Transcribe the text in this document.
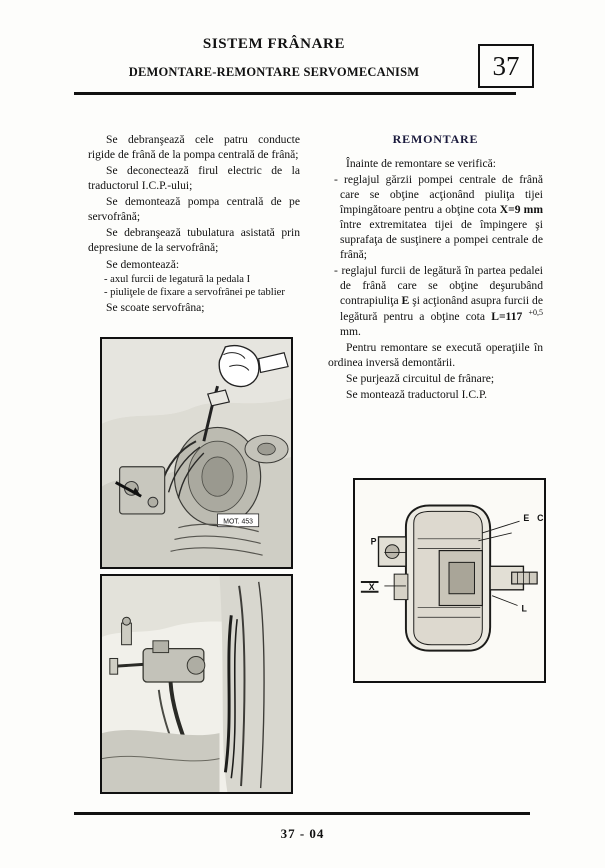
SISTEM FRÂNARE
DEMONTARE-REMONTARE SERVOMECANISM	37

Se debranşează cele patru conducte rigide de frână de la pompa centrală de frână;

Se deconectează firul electric de la traductorul I.C.P.-ului;

Se demontează pompa centrală de pe servofrână;

Se debranşează tubulatura asistată prin depresiune de la servofrână;

Se demontează:

- axul furcii de legatură la pedala I

- piuliţele de fixare a servofrânei pe tablier

Se scoate servofrâna;

REMONTARE

Înainte de remontare se verifică:

- reglajul gărzii pompei centrale de frână care se obţine acţionând piuliţa tijei împingătoare pentru a obţine cota X=9 mm între extremitatea tijei de împingere şi suprafaţa de susţinere a pompei centrale de frână;

- reglajul furcii de legătură în partea pedalei de frână care se obţine deşurubând contrapiuliţa E şi acţionând asupra furcii de legătură pentru a obţine cota L=117 $^{+0,5}$ mm.

Pentru remontare se execută operaţiile în ordinea inversă demontării.

Se purjează circuitul de frânare;

Se montează traductorul I.C.P.

MOT. 453	E C
P
X
L
37 - 04
